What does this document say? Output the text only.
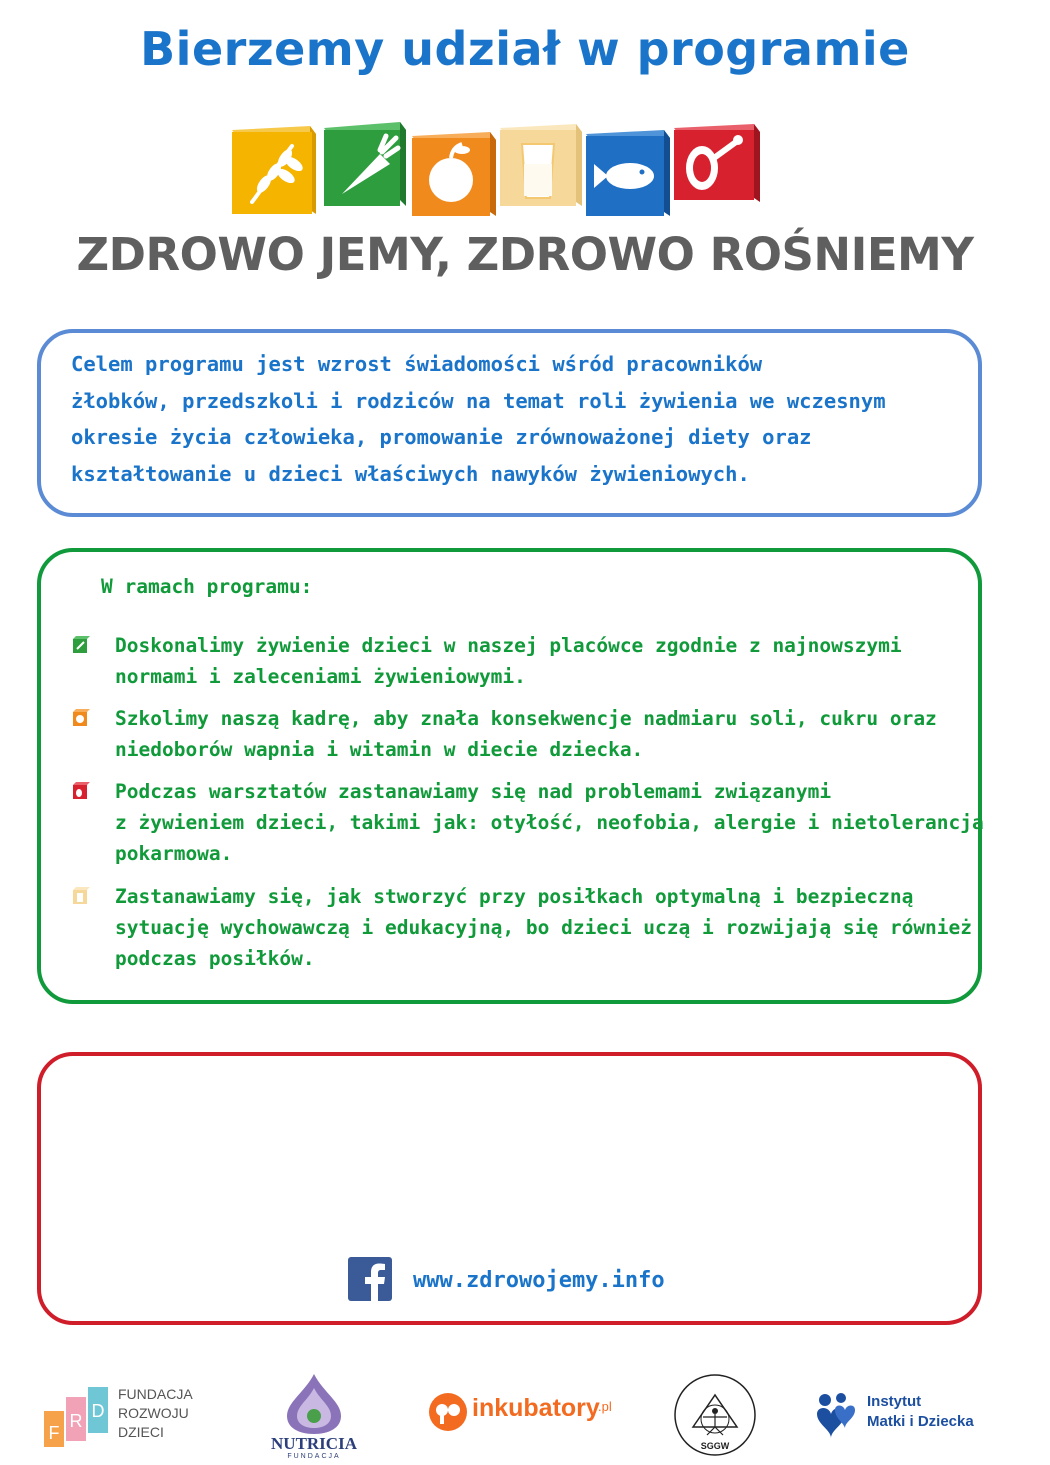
Bierzemy udział w programie
ZDROWO JEMY, ZDROWO ROŚNIEMY
Celem programu jest wzrost świadomości wśród pracowników
żłobków, przedszkoli i rodziców na temat roli żywienia we wczesnym
okresie życia człowieka, promowanie zrównoważonej diety oraz
kształtowanie u dzieci właściwych nawyków żywieniowych.
W ramach programu:
Doskonalimy żywienie dzieci w naszej placówce zgodnie z najnowszymi
normami i zaleceniami żywieniowymi.
Szkolimy naszą kadrę, aby znała konsekwencje nadmiaru soli, cukru oraz
niedoborów wapnia i witamin w diecie dziecka.
Podczas warsztatów zastanawiamy się nad problemami związanymi
z żywieniem dzieci, takimi jak: otyłość, neofobia, alergie i nietolerancja
pokarmowa.
Zastanawiamy się, jak stworzyć przy posiłkach optymalną i bezpieczną
sytuację wychowawczą i edukacyjną, bo dzieci uczą i rozwijają się również
podczas posiłków.
www.zdrowojemy.info
F
R D
FUNDACJA
ROZWOJU
DZIECI
NUTRICIA
FUNDACJA
inkubatory
.pl
SGGW
Instytut
Matki i Dziecka
